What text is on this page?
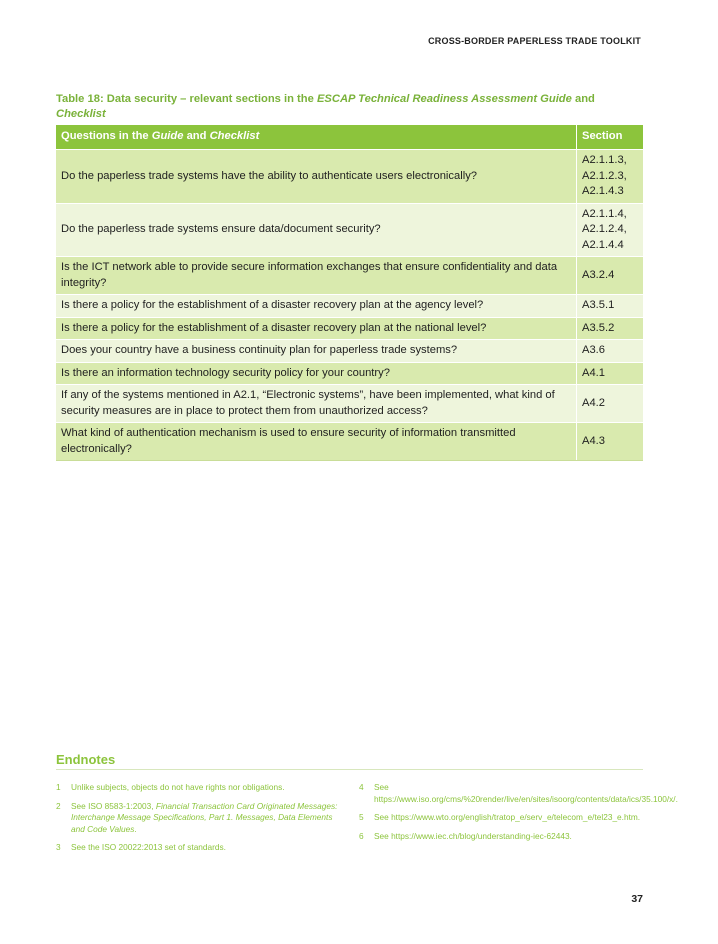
CROSS-BORDER PAPERLESS TRADE TOOLKIT
Table 18: Data security – relevant sections in the ESCAP Technical Readiness Assessment Guide and Checklist
Questions in the Guide and Checklist	Section
Do the paperless trade systems have the ability to authenticate users electronically?	A2.1.1.3,
A2.1.2.3,
A2.1.4.3

Do the paperless trade systems ensure data/document security?	A2.1.1.4,
A2.1.2.4,
A2.1.4.4

Is the ICT network able to provide secure information exchanges that ensure confidentiality and data integrity?	A3.2.4

Is there a policy for the establishment of a disaster recovery plan at the agency level?	A3.5.1

Is there a policy for the establishment of a disaster recovery plan at the national level?	A3.5.2

Does your country have a business continuity plan for paperless trade systems?	A3.6

Is there an information technology security policy for your country?	A4.1

If any of the systems mentioned in A2.1, “Electronic systems”, have been implemented, what kind of security measures are in place to protect them from unauthorized access?	A4.2

What kind of authentication mechanism is used to ensure security of information transmitted electronically?	A4.3
Endnotes
1	Unlike subjects, objects do not have rights nor obligations.
2	See ISO 8583-1:2003, Financial Transaction Card Originated Messages: Interchange Message Specifications, Part 1. Messages, Data Elements and Code Values.
3	See the ISO 20022:2013 set of standards.
4	See https://www.iso.org/cms/%20render/live/en/sites/isoorg/contents/data/ics/35.100/x/.
5	See https://www.wto.org/english/tratop_e/serv_e/telecom_e/tel23_e.htm.
6	See https://www.iec.ch/blog/understanding-iec-62443.
37
